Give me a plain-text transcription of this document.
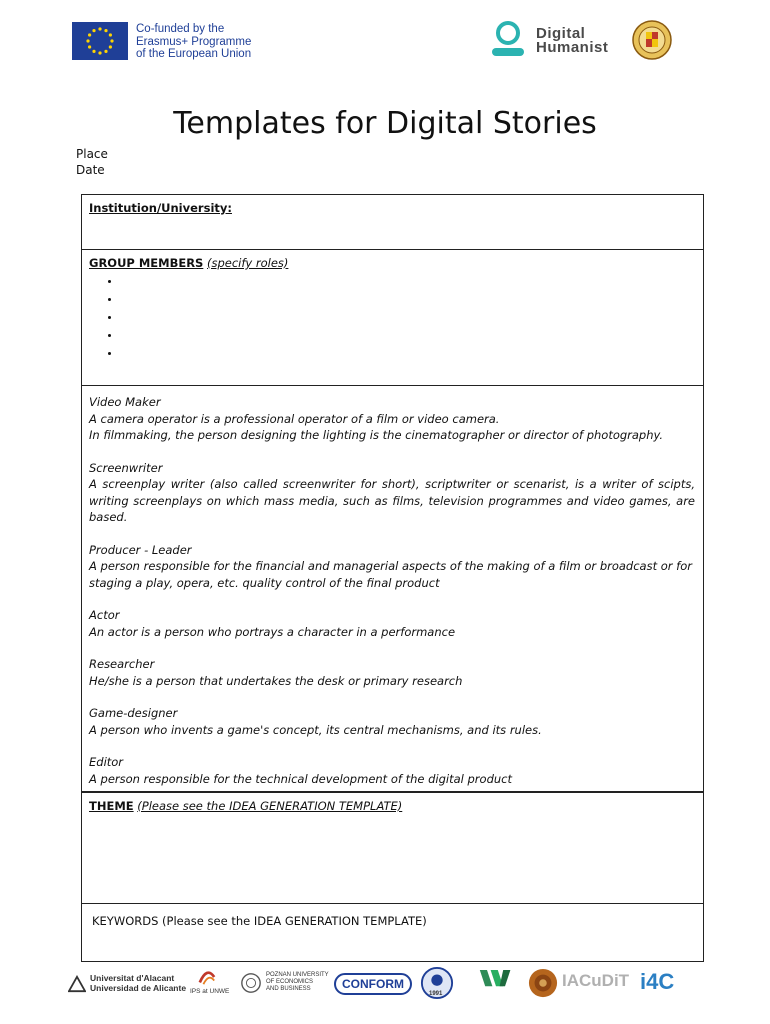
Co-funded by the
Erasmus+ Programme
of the European Union
Digital
Humanist
Templates for Digital Stories
Place
Date
Institution/University:
GROUP MEMBERS (specify roles)
•
•
•
•
•

Video Maker

A camera operator is a professional operator of a film or video camera.

In filmmaking, the person designing the lighting is the cinematographer or director of photography.

Screenwriter

A screenplay writer (also called screenwriter for short), scriptwriter or scenarist, is a writer of scipts, writing screenplays on which mass media, such as films, television programmes and video games, are based.

Producer - Leader

A person responsible for the financial and managerial aspects of the making of a film or broadcast or for staging a play, opera, etc. quality control of the final product

Actor

An actor is a person who portrays a character in a performance

Researcher

He/she is a person that undertakes the desk or primary research

Game-designer

A person who invents a game's concept, its central mechanisms, and its rules.

Editor

A person responsible for the technical development of the digital product

THEME (Please see the IDEA GENERATION TEMPLATE)
KEYWORDS (Please see the IDEA GENERATION TEMPLATE)
Universitat d'Alacant
Universidad de Alicante IPS at UNWE
POZNAN UNIVERSITY
OF ECONOMICS
AND BUSINESS	CONFORM
1991
IACuDiT i4C
